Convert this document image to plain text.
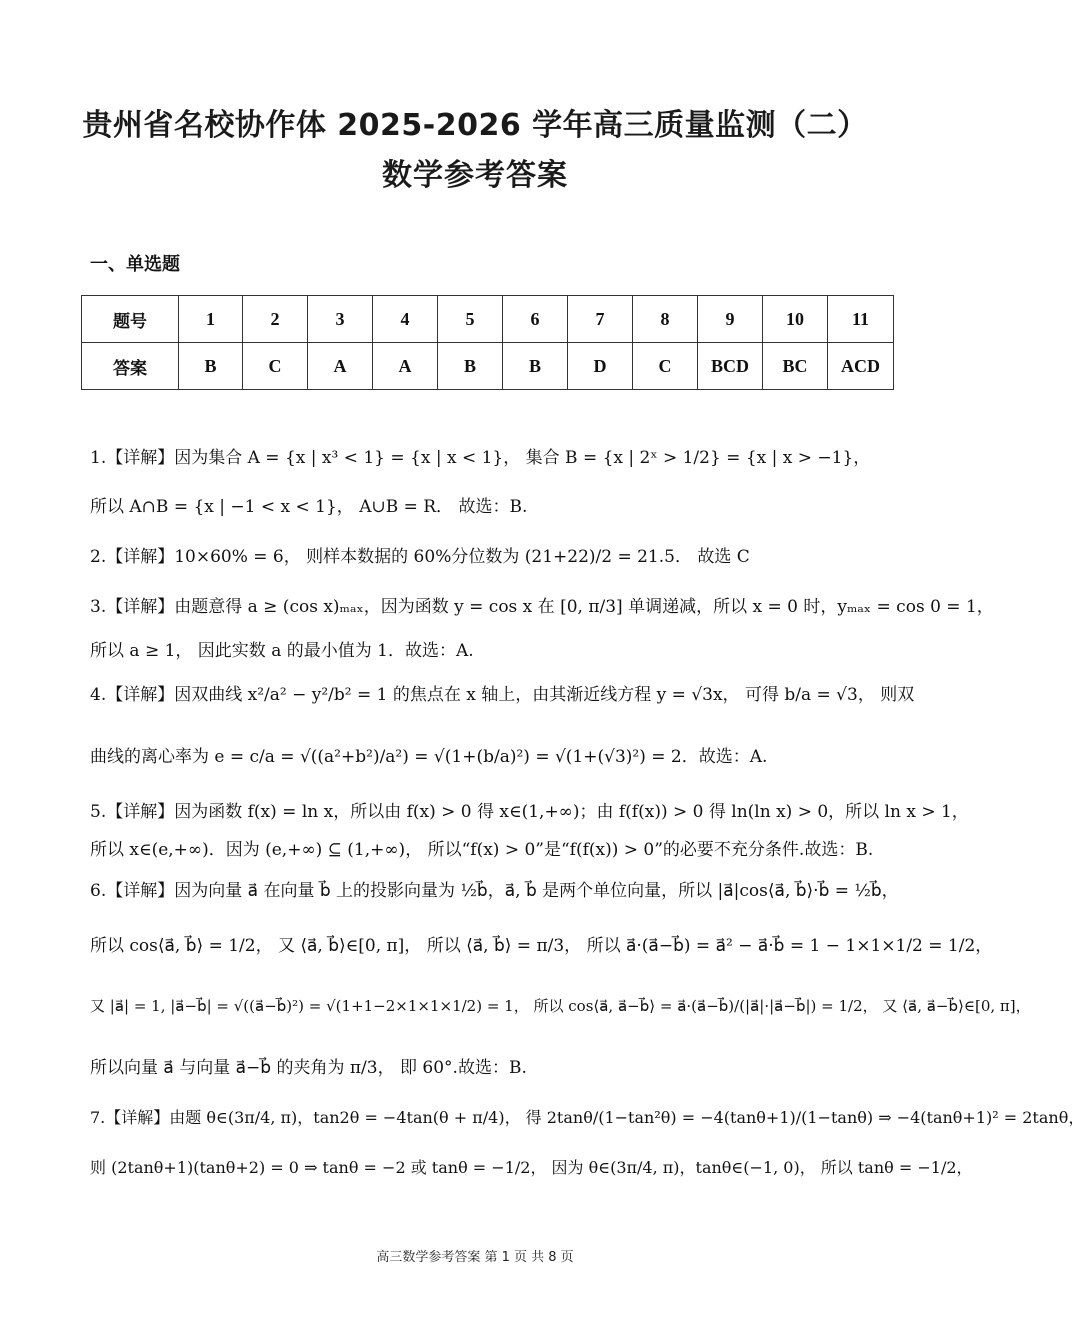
贵州省名校协作体 2025-2026 学年高三质量监测（二）
数学参考答案
一、单选题
题号	1	2	3	4	5	6	7	8	9	10	11
答案	B	C	A	A	B	B	D	C	BCD	BC	ACD
1.【详解】因为集合 A = {x | x³ < 1} = {x | x < 1}， 集合 B = {x | 2ˣ > 1/2} = {x | x > −1}，
所以 A∩B = {x | −1 < x < 1}， A∪B = R． 故选：B.
2.【详解】10×60% = 6， 则样本数据的 60%分位数为 (21+22)/2 = 21.5． 故选 C
3.【详解】由题意得 a ≥ (cos x)ₘₐₓ，因为函数 y = cos x 在 [0, π/3] 单调递减，所以 x = 0 时，yₘₐₓ = cos 0 = 1，
所以 a ≥ 1， 因此实数 a 的最小值为 1．故选：A.
4.【详解】因双曲线 x²/a² − y²/b² = 1 的焦点在 x 轴上，由其渐近线方程 y = √3x， 可得 b/a = √3， 则双
曲线的离心率为 e = c/a = √((a²+b²)/a²) = √(1+(b/a)²) = √(1+(√3)²) = 2．故选：A.
5.【详解】因为函数 f(x) = ln x，所以由 f(x) > 0 得 x∈(1,+∞)；由 f(f(x)) > 0 得 ln(ln x) > 0，所以 ln x > 1，
所以 x∈(e,+∞)．因为 (e,+∞) ⊆ (1,+∞)， 所以“f(x) > 0”是“f(f(x)) > 0”的必要不充分条件.故选：B.
6.【详解】因为向量 a⃗ 在向量 b⃗ 上的投影向量为 ½b⃗，a⃗, b⃗ 是两个单位向量，所以 |a⃗|cos⟨a⃗, b⃗⟩·b⃗ = ½b⃗，
所以 cos⟨a⃗, b⃗⟩ = 1/2， 又 ⟨a⃗, b⃗⟩∈[0, π]， 所以 ⟨a⃗, b⃗⟩ = π/3， 所以 a⃗·(a⃗−b⃗) = a⃗² − a⃗·b⃗ = 1 − 1×1×1/2 = 1/2，
又 |a⃗| = 1, |a⃗−b⃗| = √((a⃗−b⃗)²) = √(1+1−2×1×1×1/2) = 1， 所以 cos⟨a⃗, a⃗−b⃗⟩ = a⃗·(a⃗−b⃗)/(|a⃗|·|a⃗−b⃗|) = 1/2， 又 ⟨a⃗, a⃗−b⃗⟩∈[0, π]，
所以向量 a⃗ 与向量 a⃗−b⃗ 的夹角为 π/3， 即 60°.故选：B.
7.【详解】由题 θ∈(3π/4, π)，tan2θ = −4tan(θ + π/4)， 得 2tanθ/(1−tan²θ) = −4(tanθ+1)/(1−tanθ) ⇒ −4(tanθ+1)² = 2tanθ，
则 (2tanθ+1)(tanθ+2) = 0 ⇒ tanθ = −2 或 tanθ = −1/2， 因为 θ∈(3π/4, π)，tanθ∈(−1, 0)， 所以 tanθ = −1/2，
高三数学参考答案 第 1 页 共 8 页
